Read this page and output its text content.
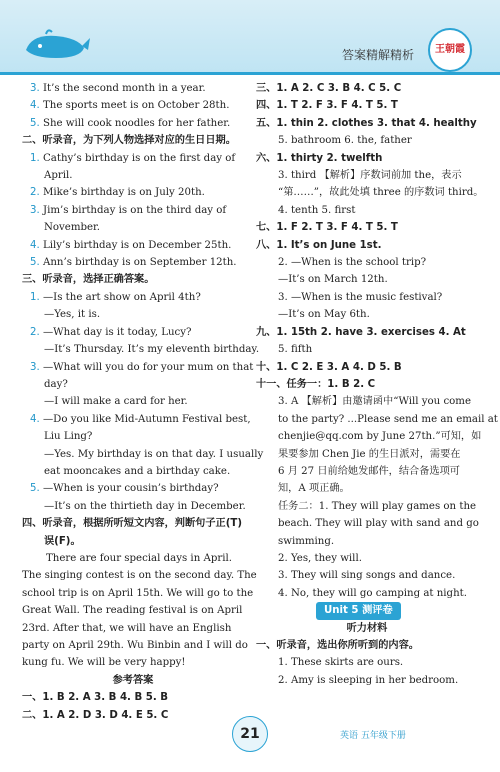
答案精解精析	王朝霞
3. It’s the second month in a year.
4. The sports meet is on October 28th.
5. She will cook noodles for her father.
二、听录音，为下列人物选择对应的生日日期。
1. Cathy’s birthday is on the first day of
April.
2. Mike’s birthday is on July 20th.
3. Jim’s birthday is on the third day of
November.
4. Lily’s birthday is on December 25th.
5. Ann’s birthday is on September 12th.
三、听录音，选择正确答案。
1. —Is the art show on April 4th?
—Yes, it is.
2. —What day is it today, Lucy?
—It’s Thursday. It’s my eleventh birthday.
3. —What will you do for your mum on that
day?
—I will make a card for her.
4. —Do you like Mid-Autumn Festival best,
Liu Ling?
—Yes. My birthday is on that day. I usually
eat mooncakes and a birthday cake.
5. —When is your cousin’s birthday?
—It’s on the thirtieth day in December.
四、听录音，根据所听短文内容，判断句子正(T)
误(F)。
There are four special days in April.
The singing contest is on the second day. The
school trip is on April 15th. We will go to the
Great Wall. The reading festival is on April
23rd. After that, we will have an English
party on April 29th. Wu Binbin and I will do
kung fu. We will be very happy!
参考答案
一、1. B 2. A 3. B 4. B 5. B
二、1. A 2. D 3. D 4. E 5. C
三、1. A 2. C 3. B 4. C 5. C
四、1. T 2. F 3. F 4. T 5. T
五、1. thin 2. clothes 3. that 4. healthy
5. bathroom 6. the, father
六、1. thirty 2. twelfth
3. third 【解析】序数词前加 the，表示
“第……”，故此处填 three 的序数词 third。
4. tenth 5. first
七、1. F 2. T 3. F 4. T 5. T
八、1. It’s on June 1st.
2. —When is the school trip?
—It’s on March 12th.
3. —When is the music festival?
—It’s on May 6th.
九、1. 15th 2. have 3. exercises 4. At
5. fifth
十、1. C 2. E 3. A 4. D 5. B
十一、任务一：1. B 2. C
3. A 【解析】由邀请函中“Will you come
to the party? ...Please send me an email at
chenjie@qq.com by June 27th.”可知，如
果要参加 Chen Jie 的生日派对，需要在
6 月 27 日前给她发邮件，结合备选项可
知，A 项正确。
任务二：1. They will play games on the
beach. They will play with sand and go
swimming.
2. Yes, they will.
3. They will sing songs and dance.
4. No, they will go camping at night.
Unit 5 测评卷
听力材料
一、听录音，选出你所听到的内容。
1. These skirts are ours.
2. Amy is sleeping in her bedroom.
21	英语 五年级下册
